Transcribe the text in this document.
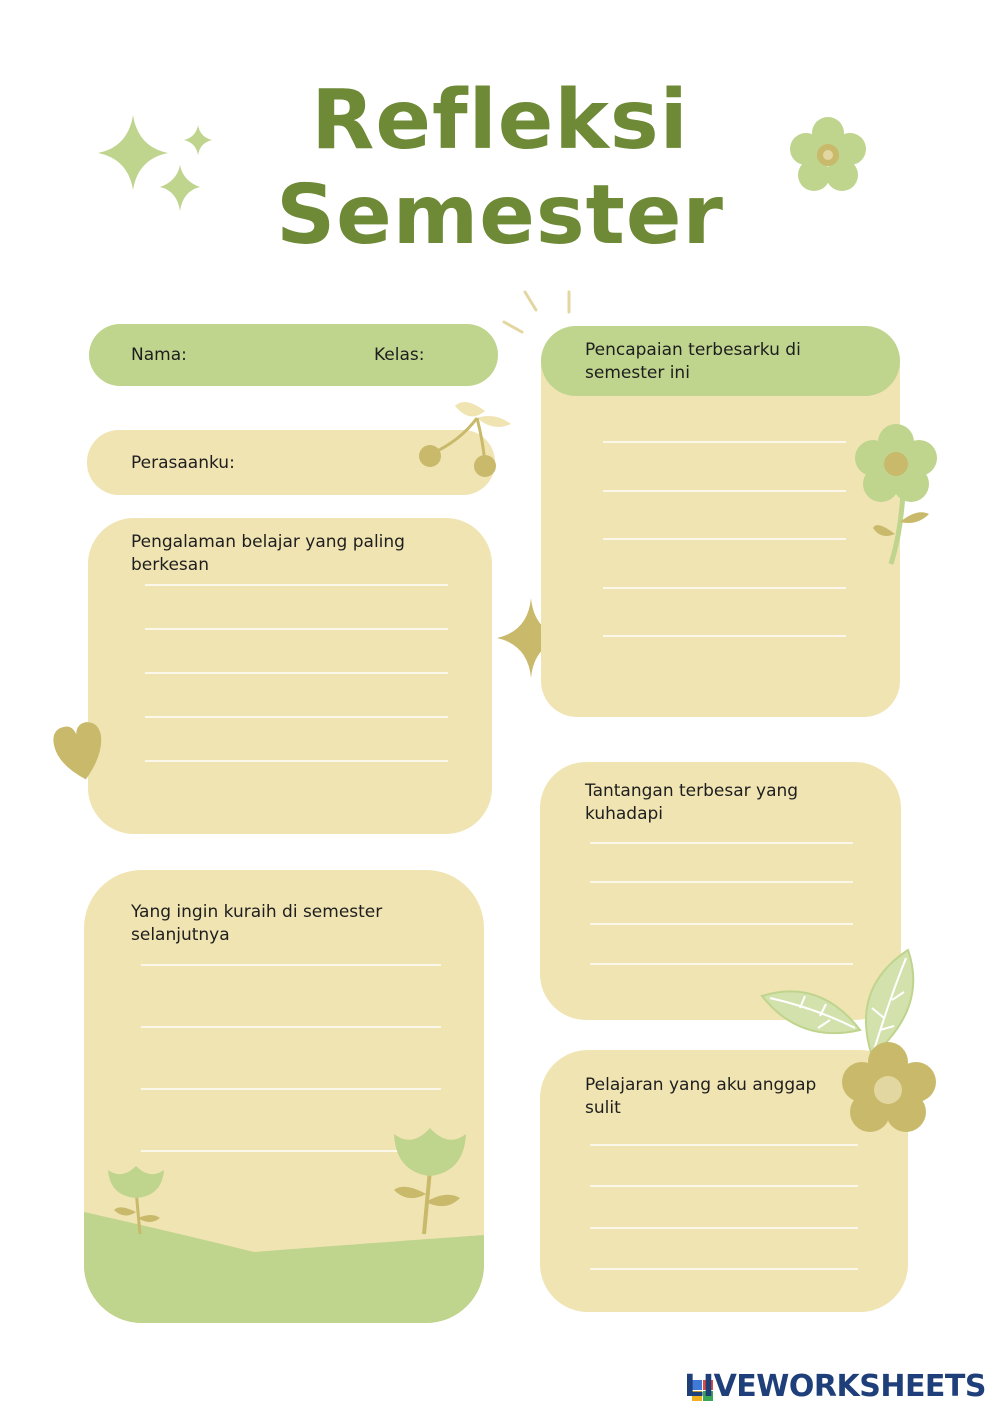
Refleksi
Semester
Nama:	Kelas:
Perasaanku:
Pengalaman belajar yang paling berkesan
Pencapaian terbesarku di semester ini
Tantangan terbesar yang kuhadapi
Yang ingin kuraih di semester selanjutnya
Pelajaran yang aku anggap sulit
LIVEWORKSHEETS
